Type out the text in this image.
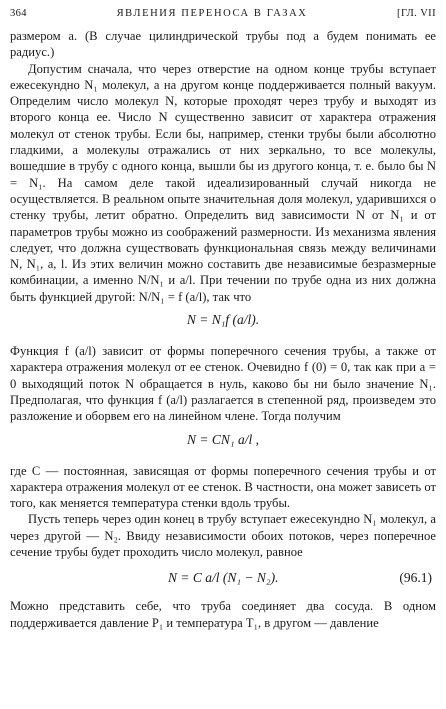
364	ЯВЛЕНИЯ ПЕРЕНОСА В ГАЗАХ	[ГЛ. VII

размером a. (В случае цилиндрической трубы под a будем понимать ее радиус.)

Допустим сначала, что через отверстие на одном конце трубы вступает ежесекундно N₁ молекул, а на другом конце поддерживается полный вакуум. Определим число молекул N, которые проходят через трубу и выходят из второго конца ее. Число N существенно зависит от характера отражения молекул от стенок трубы. Если бы, например, стенки трубы были абсолютно гладкими, а молекулы отражались от них зеркально, то все молекулы, вошедшие в трубу с одного конца, вышли бы из другого конца, т. е. было бы N = N₁. На самом деле такой идеализированный случай никогда не осуществляется. В реальном опыте значительная доля молекул, ударившихся о стенку трубы, летит обратно. Определить вид зависимости N от N₁ и от параметров трубы можно из соображений размерности. Из механизма явления следует, что должна существовать функциональная связь между величинами N, N₁, a, l. Из этих величин можно составить две независимые безразмерные комбинации, а именно N/N₁ и a/l. При течении по трубе одна из них должна быть функцией другой: N/N₁ = f (a/l), так что

N = N₁f (a/l).

Функция f (a/l) зависит от формы поперечного сечения трубы, а также от характера отражения молекул от ее стенок. Очевидно f (0) = 0, так как при a = 0 выходящий поток N обращается в нуль, каково бы ни было значение N₁. Предполагая, что функция f (a/l) разлагается в степенной ряд, произведем это разложение и оборвем его на линейном члене. Тогда получим

N = CN₁ a/l ,

где C — постоянная, зависящая от формы поперечного сечения трубы и от характера отражения молекул от ее стенок. В частности, она может зависеть от того, как меняется температура стенки вдоль трубы.

Пусть теперь через один конец в трубу вступает ежесекундно N₁ молекул, а через другой — N₂. Ввиду независимости обоих потоков, через поперечное сечение трубы будет проходить число молекул, равное

N = C a/l (N₁ − N₂).	(96.1)

Можно представить себе, что труба соединяет два сосуда. В одном поддерживается давление P₁ и температура T₁, в другом — давление
